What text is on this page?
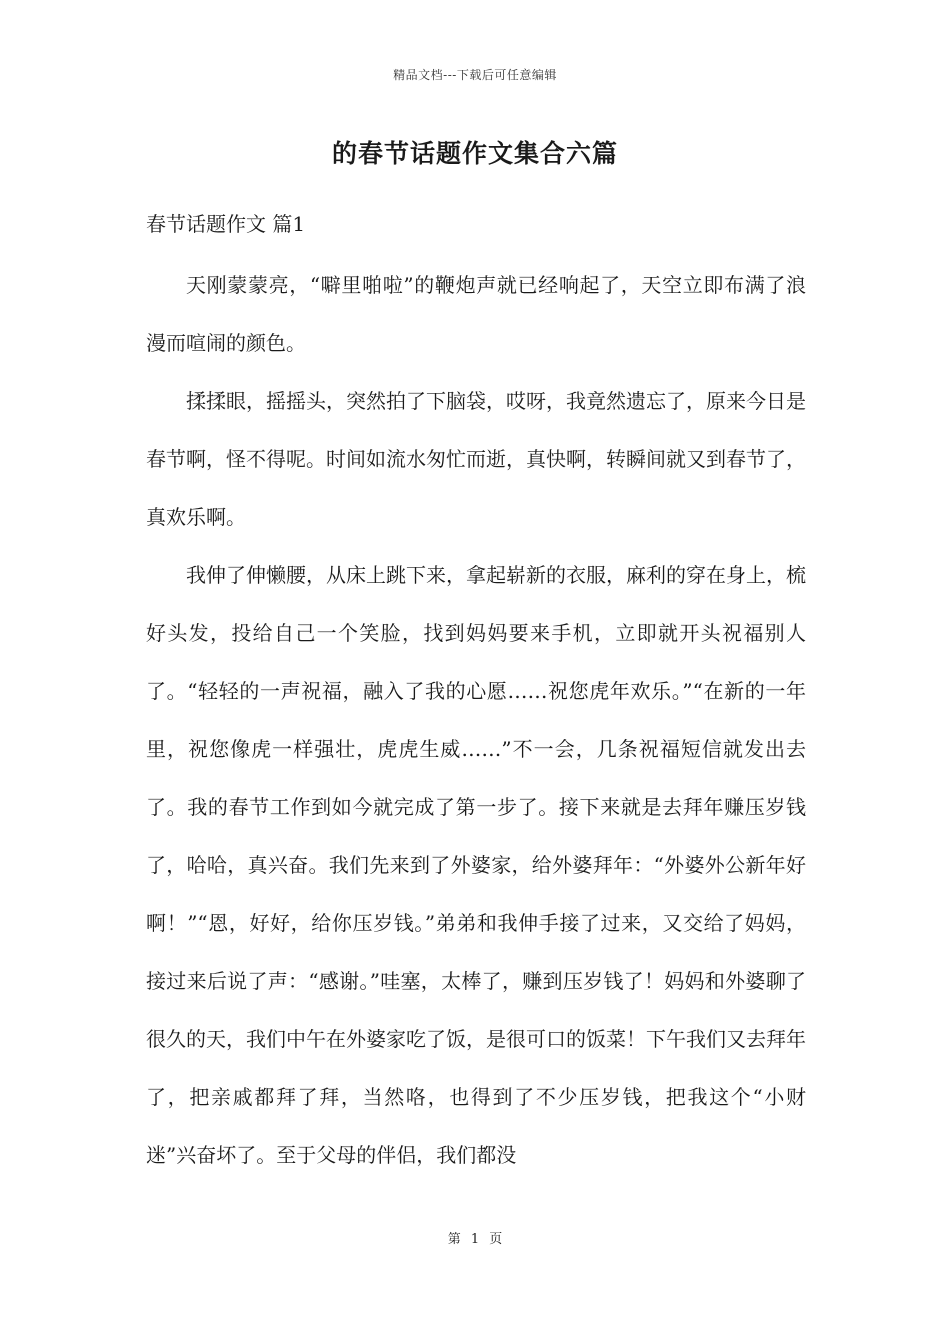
精品文档---下载后可任意编辑
的春节话题作文集合六篇
春节话题作文 篇1

天刚蒙蒙亮，“噼里啪啦”的鞭炮声就已经响起了，天空立即布满了浪漫而喧闹的颜色。

揉揉眼，摇摇头，突然拍了下脑袋，哎呀，我竟然遗忘了，原来今日是春节啊，怪不得呢。时间如流水匆忙而逝，真快啊，转瞬间就又到春节了，真欢乐啊。

我伸了伸懒腰，从床上跳下来，拿起崭新的衣服，麻利的穿在身上，梳好头发，投给自己一个笑脸，找到妈妈要来手机，立即就开头祝福别人了。“轻轻的一声祝福，融入了我的心愿……祝您虎年欢乐。”“在新的一年里，祝您像虎一样强壮，虎虎生威……”不一会，几条祝福短信就发出去了。我的春节工作到如今就完成了第一步了。接下来就是去拜年赚压岁钱了，哈哈，真兴奋。我们先来到了外婆家，给外婆拜年：“外婆外公新年好啊！”“恩，好好，给你压岁钱。”弟弟和我伸手接了过来，又交给了妈妈，接过来后说了声：“感谢。”哇塞，太棒了，赚到压岁钱了！妈妈和外婆聊了很久的天，我们中午在外婆家吃了饭，是很可口的饭菜！下午我们又去拜年了，把亲戚都拜了拜，当然咯，也得到了不少压岁钱，把我这个“小财迷”兴奋坏了。至于父母的伴侣，我们都没

第 1 页
